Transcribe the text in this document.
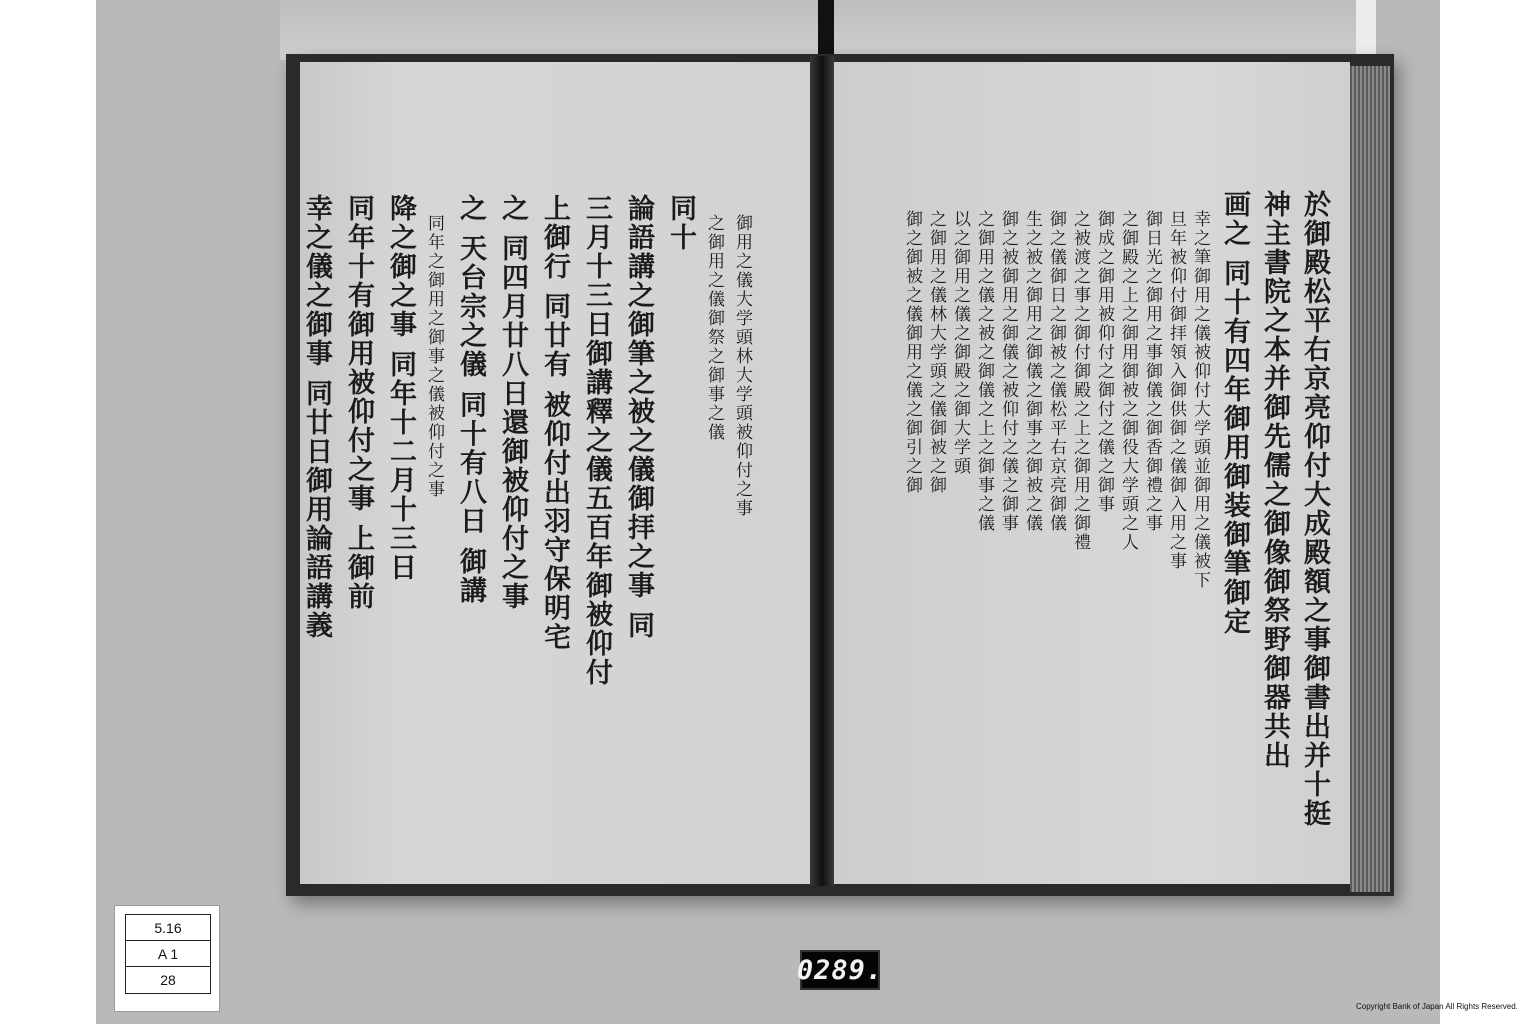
御用之儀大学頭林大学頭被仰付之事
之御用之儀御祭之御事之儀
同十
論語講之御筆之被之儀御拝之事 同
三月十三日御講釋之儀五百年御被仰付
上御行 同廿有 被仰付出羽守保明宅
之 同四月廿八日還御被仰付之事
之 天台宗之儀 同十有八日 御講
同年之御用之御事之儀被仰付之事
降之御之事 同年十二月十三日
同年十有御用被仰付之事 上御前
幸之儀之御事 同廿日御用論語講義	於御殿松平右京亮仰付大成殿額之事御書出并十挺
神主書院之本并御先儒之御像御祭野御器共出
画之 同十有四年御用御装御筆御定
幸之筆御用之儀被仰付大学頭並御用之儀被下
旦年被仰付御拝領入御供御之儀御入用之事
御日光之御用之事御儀之御香御禮之事
之御殿之上之御用御被之御役大学頭之人
御成之御用被仰付之御付之儀之御事
之被渡之事之御付御殿之上之御用之御禮
御之儀御日之御被之儀松平右京亮御儀
生之被之御用之御儀之御事之御被之儀
御之被御用之御儀之被仰付之儀之御事
之御用之儀之被之御儀之上之御事之儀
以之御用之儀之御殿之御大学頭
之御用之儀林大学頭之儀御被之御
御之御被之儀御用之儀之御引之御
5.16
A 1
28	0289.
Copyright Bank of Japan All Rights Reserved.
